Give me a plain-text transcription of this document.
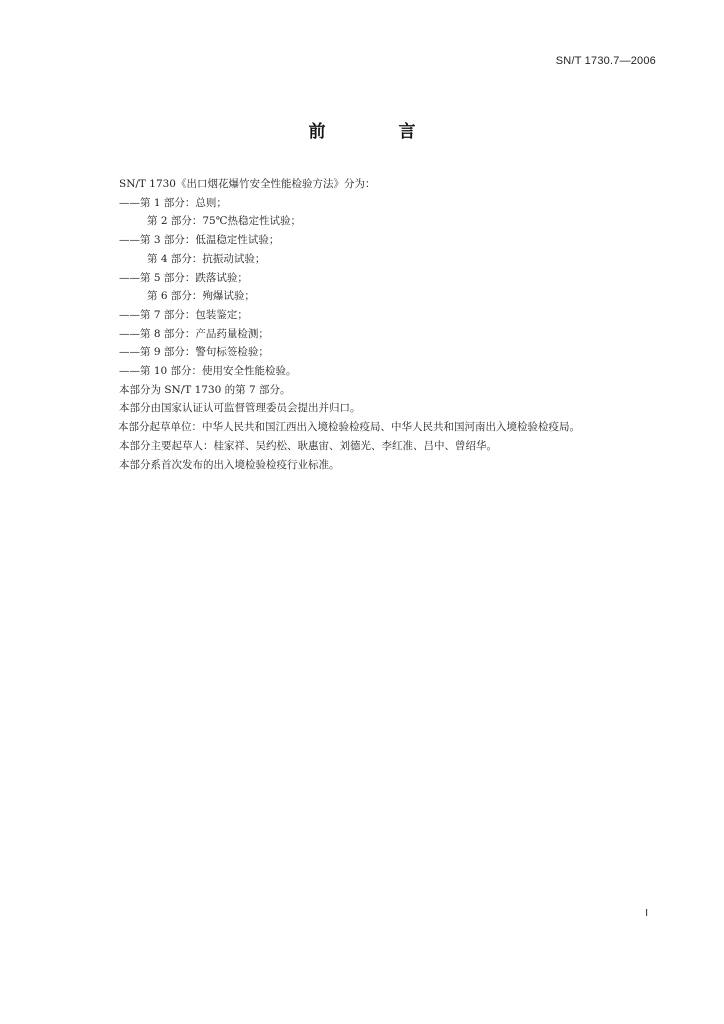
SN/T 1730.7—2006
前　言
SN/T 1730《出口烟花爆竹安全性能检验方法》分为：
——第 1 部分：总则；
第 2 部分：75℃热稳定性试验；
——第 3 部分：低温稳定性试验；
第 4 部分：抗振动试验；
——第 5 部分：跌落试验；
第 6 部分：殉爆试验；
——第 7 部分：包装鉴定；
——第 8 部分：产品药量检测；
——第 9 部分：警句标签检验；
——第 10 部分：使用安全性能检验。
本部分为 SN/T 1730 的第 7 部分。
本部分由国家认证认可监督管理委员会提出并归口。
本部分起草单位：中华人民共和国江西出入境检验检疫局、中华人民共和国河南出入境检验检疫局。
本部分主要起草人：桂家祥、吴约松、耿惠宙、刘德光、李红准、吕中、曾绍华。
本部分系首次发布的出入境检验检疫行业标准。
I
